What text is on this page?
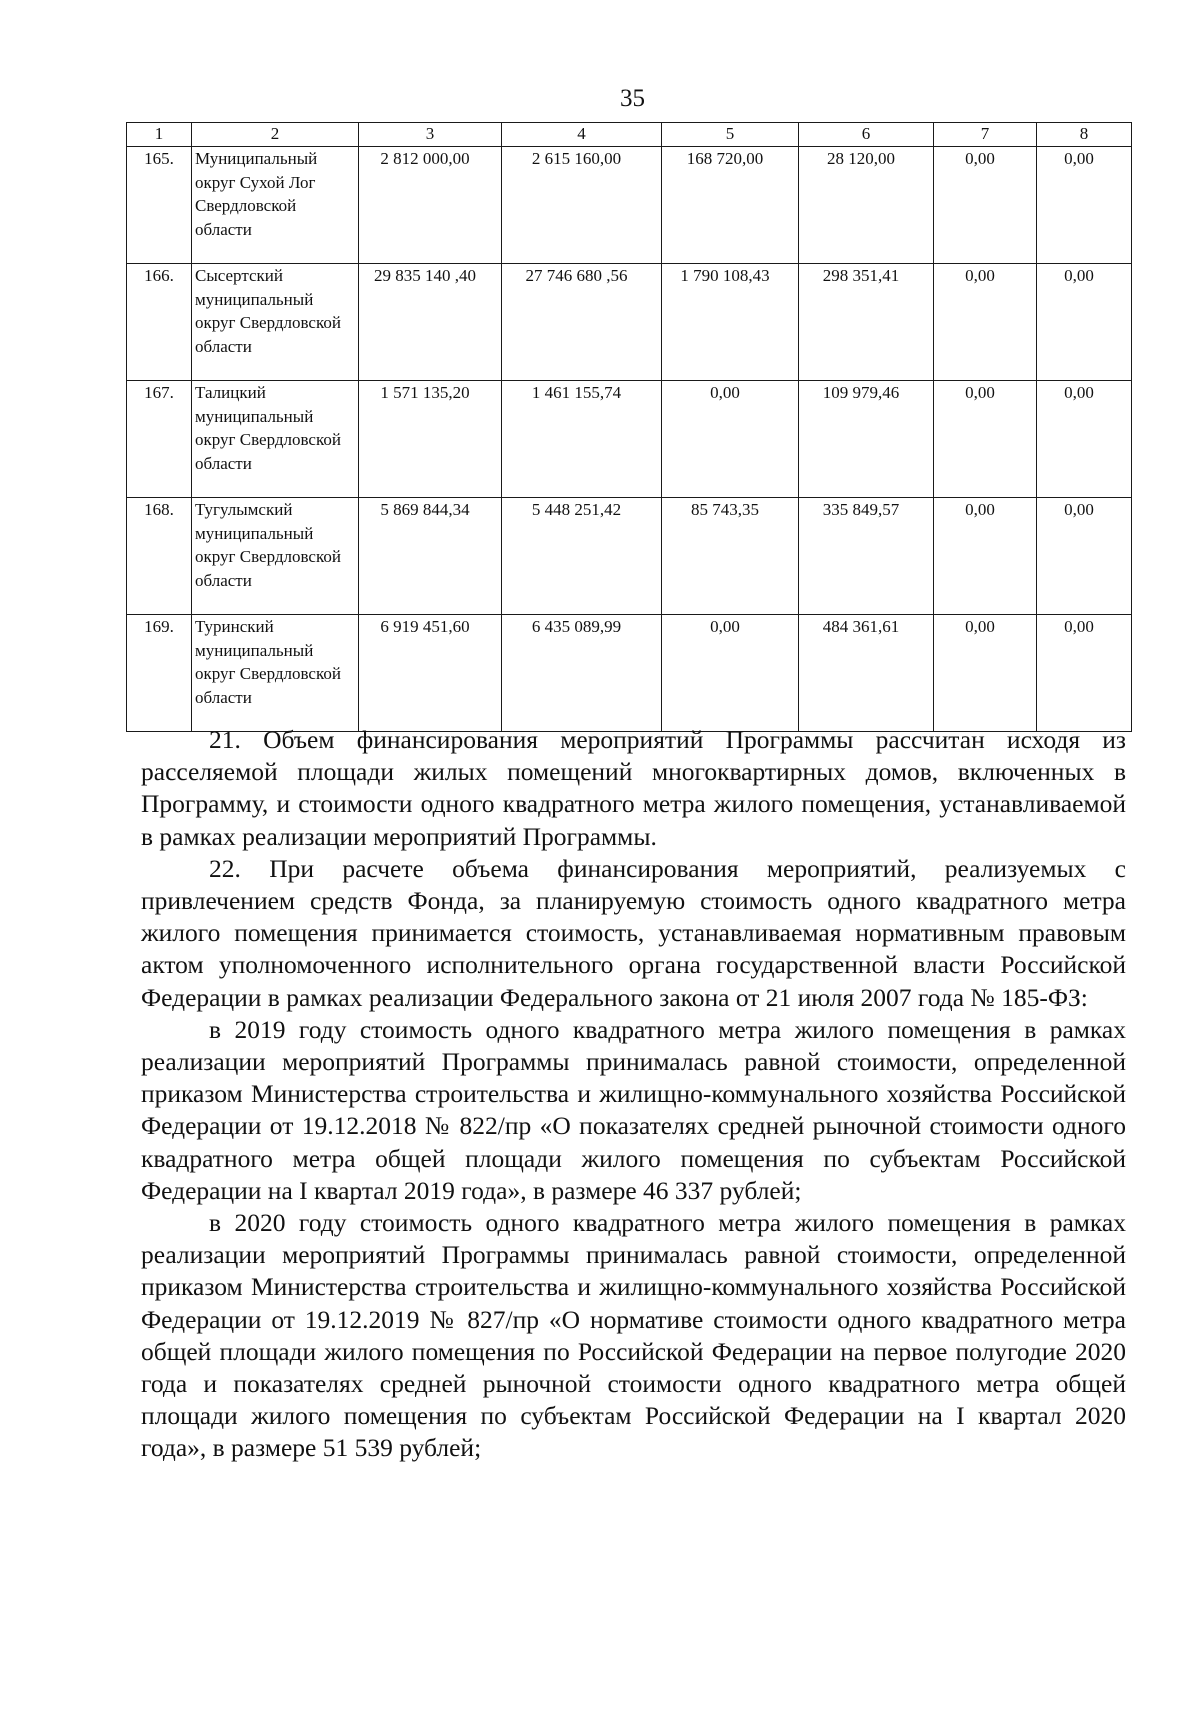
35
1	2	3	4	5	6	7	8
165.	Муниципальный округ Сухой Лог Свердловской области	2 812 000,00	2 615 160,00	168 720,00	28 120,00	0,00	0,00
166.	Сысертский муниципальный округ Свердловской области	29 835 140 ,40	27 746 680 ,56	1 790 108,43	298 351,41	0,00	0,00
167.	Талицкий муниципальный округ Свердловской области	1 571 135,20	1 461 155,74	0,00	109 979,46	0,00	0,00
168.	Тугулымский муниципальный округ Свердловской области	5 869 844,34	5 448 251,42	85 743,35	335 849,57	0,00	0,00
169.	Туринский муниципальный округ Свердловской области	6 919 451,60	6 435 089,99	0,00	484 361,61	0,00	0,00

21. Объем финансирования мероприятий Программы рассчитан исходя из расселяемой площади жилых помещений многоквартирных домов, включенных в Программу, и стоимости одного квадратного метра жилого помещения, устанавливаемой в рамках реализации мероприятий Программы.

22. При расчете объема финансирования мероприятий, реализуемых с привлечением средств Фонда, за планируемую стоимость одного квадратного метра жилого помещения принимается стоимость, устанавливаемая нормативным правовым актом уполномоченного исполнительного органа государственной власти Российской Федерации в рамках реализации Федерального закона от 21 июля 2007 года № 185-ФЗ:

в 2019 году стоимость одного квадратного метра жилого помещения в рамках реализации мероприятий Программы принималась равной стоимости, определенной приказом Министерства строительства и жилищно-коммунального хозяйства Российской Федерации от 19.12.2018 № 822/пр «О показателях средней рыночной стоимости одного квадратного метра общей площади жилого помещения по субъектам Российской Федерации на I квартал 2019 года», в размере 46 337 рублей;

в 2020 году стоимость одного квадратного метра жилого помещения в рамках реализации мероприятий Программы принималась равной стоимости, определенной приказом Министерства строительства и жилищно-коммунального хозяйства Российской Федерации от 19.12.2019 № 827/пр «О нормативе стоимости одного квадратного метра общей площади жилого помещения по Российской Федерации на первое полугодие 2020 года и показателях средней рыночной стоимости одного квадратного метра общей площади жилого помещения по субъектам Российской Федерации на I квартал 2020 года», в размере 51 539 рублей;
